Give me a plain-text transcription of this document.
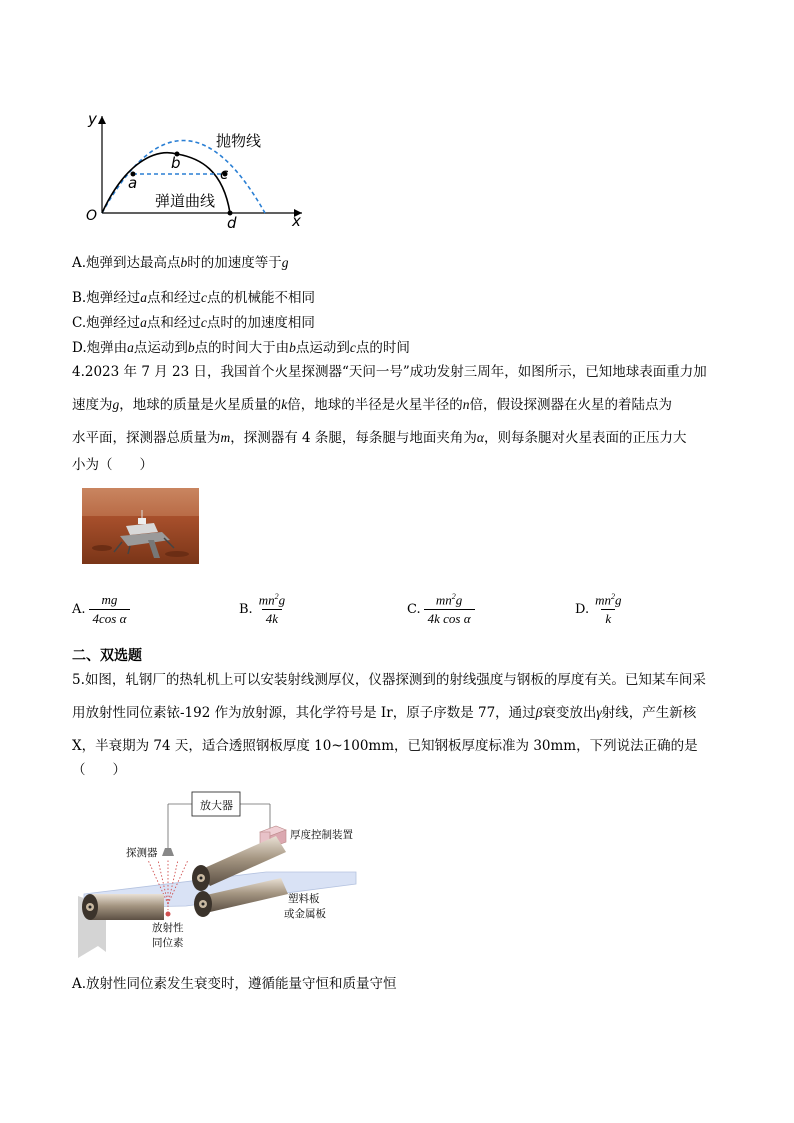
y
x
O
a
b
c
d
抛物线
弹道曲线
A.炮弹到达最高点b时的加速度等于g
B.炮弹经过a点和经过c点的机械能不相同
C.炮弹经过a点和经过c点时的加速度相同
D.炮弹由a点运动到b点的时间大于由b点运动到c点的时间
4.2023 年 7 月 23 日，我国首个火星探测器“天问一号”成功发射三周年，如图所示，已知地球表面重力加
速度为g，地球的质量是火星质量的k倍，地球的半径是火星半径的n倍，假设探测器在火星的着陆点为
水平面，探测器总质量为m，探测器有 4 条腿，每条腿与地面夹角为α，则每条腿对火星表面的正压力大
小为（　　）
A. $\frac{mg}{\text{4cos α}}$	B. $\frac{mn^2g}{4k}$	C. $\frac{mn^2g}{\text{4k cos α}}$	D. $\frac{mn^2g}{k}$
二、双选题
5.如图，轧钢厂的热轧机上可以安装射线测厚仪，仪器探测到的射线强度与钢板的厚度有关。已知某车间采
用放射性同位素铱-192 作为放射源，其化学符号是 Ir，原子序数是 77，通过β衰变放出γ射线，产生新核
X，半衰期为 74 天，适合透照钢板厚度 10~100mm，已知钢板厚度标准为 30mm，下列说法正确的是
（　　）
放大器
厚度控制装置
探测器
放射性
同位素
塑料板
或金属板
A.放射性同位素发生衰变时，遵循能量守恒和质量守恒
